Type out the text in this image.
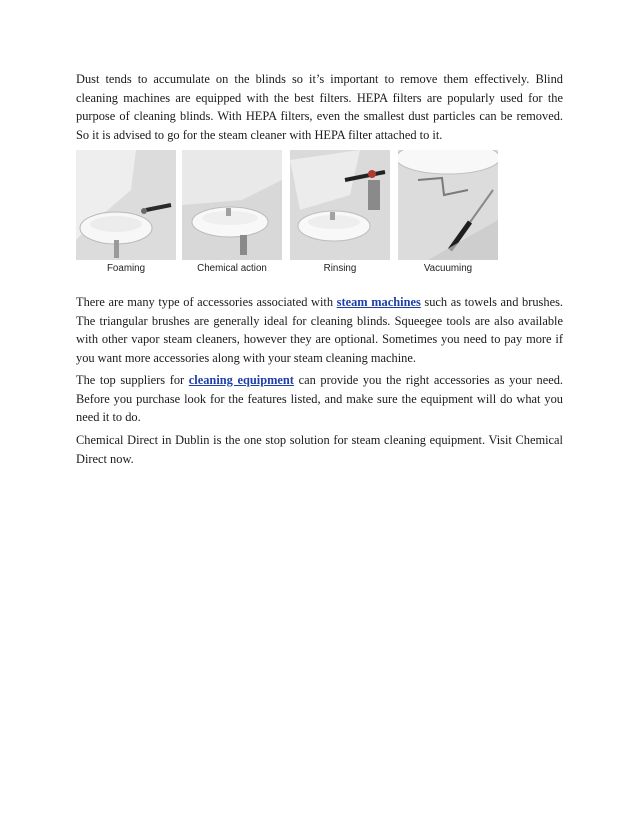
Dust tends to accumulate on the blinds so it’s important to remove them effectively. Blind cleaning machines are equipped with the best filters. HEPA filters are popularly used for the purpose of cleaning blinds. With HEPA filters, even the smallest dust particles can be removed. So it is advised to go for the steam cleaner with HEPA filter attached to it.

Foaming	Chemical action	Rinsing	Vacuuming

There are many type of accessories associated with steam machines such as towels and brushes. The triangular brushes are generally ideal for cleaning blinds. Squeegee tools are also available with other vapor steam cleaners, however they are optional. Sometimes you need to pay more if you want more accessories along with your steam cleaning machine.

The top suppliers for cleaning equipment can provide you the right accessories as your need. Before you purchase look for the features listed, and make sure the equipment will do what you need it to do.

Chemical Direct in Dublin is the one stop solution for steam cleaning equipment. Visit Chemical Direct now.
